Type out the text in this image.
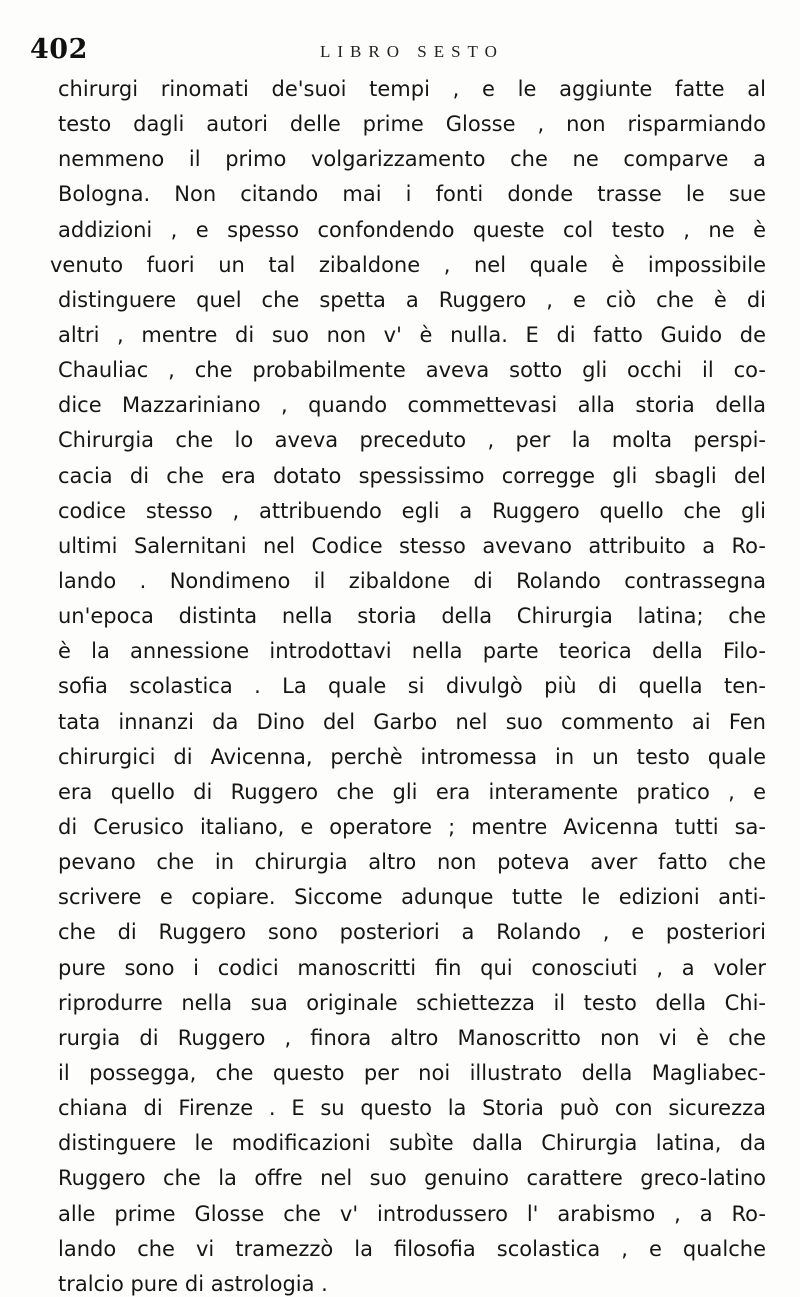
402	LIBRO SESTO
chirurgi rinomati de'suoi tempi , e le aggiunte fatte al
testo dagli autori delle prime Glosse , non risparmiando
nemmeno il primo volgarizzamento che ne comparve a
Bologna. Non citando mai i fonti donde trasse le sue
addizioni , e spesso confondendo queste col testo , ne è
venuto fuori un tal zibaldone , nel quale è impossibile
distinguere quel che spetta a Ruggero , e ciò che è di
altri , mentre di suo non v' è nulla. E di fatto Guido de
Chauliac , che probabilmente aveva sotto gli occhi il co-
dice Mazzariniano , quando commettevasi alla storia della
Chirurgia che lo aveva preceduto , per la molta perspi-
cacia di che era dotato spessissimo corregge gli sbagli del
codice stesso , attribuendo egli a Ruggero quello che gli
ultimi Salernitani nel Codice stesso avevano attribuito a Ro-
lando . Nondimeno il zibaldone di Rolando contrassegna
un'epoca distinta nella storia della Chirurgia latina; che
è la annessione introdottavi nella parte teorica della Filo-
sofia scolastica . La quale si divulgò più di quella ten-
tata innanzi da Dino del Garbo nel suo commento ai Fen
chirurgici di Avicenna, perchè intromessa in un testo quale
era quello di Ruggero che gli era interamente pratico , e
di Cerusico italiano, e operatore ; mentre Avicenna tutti sa-
pevano che in chirurgia altro non poteva aver fatto che
scrivere e copiare. Siccome adunque tutte le edizioni anti-
che di Ruggero sono posteriori a Rolando , e posteriori
pure sono i codici manoscritti fin qui conosciuti , a voler
riprodurre nella sua originale schiettezza il testo della Chi-
rurgia di Ruggero , finora altro Manoscritto non vi è che
il possegga, che questo per noi illustrato della Magliabec-
chiana di Firenze . E su questo la Storia può con sicurezza
distinguere le modificazioni subìte dalla Chirurgia latina, da
Ruggero che la offre nel suo genuino carattere greco-latino
alle prime Glosse che v' introdussero l' arabismo , a Ro-
lando che vi tramezzò la filosofia scolastica , e qualche
tralcio pure di astrologia .
